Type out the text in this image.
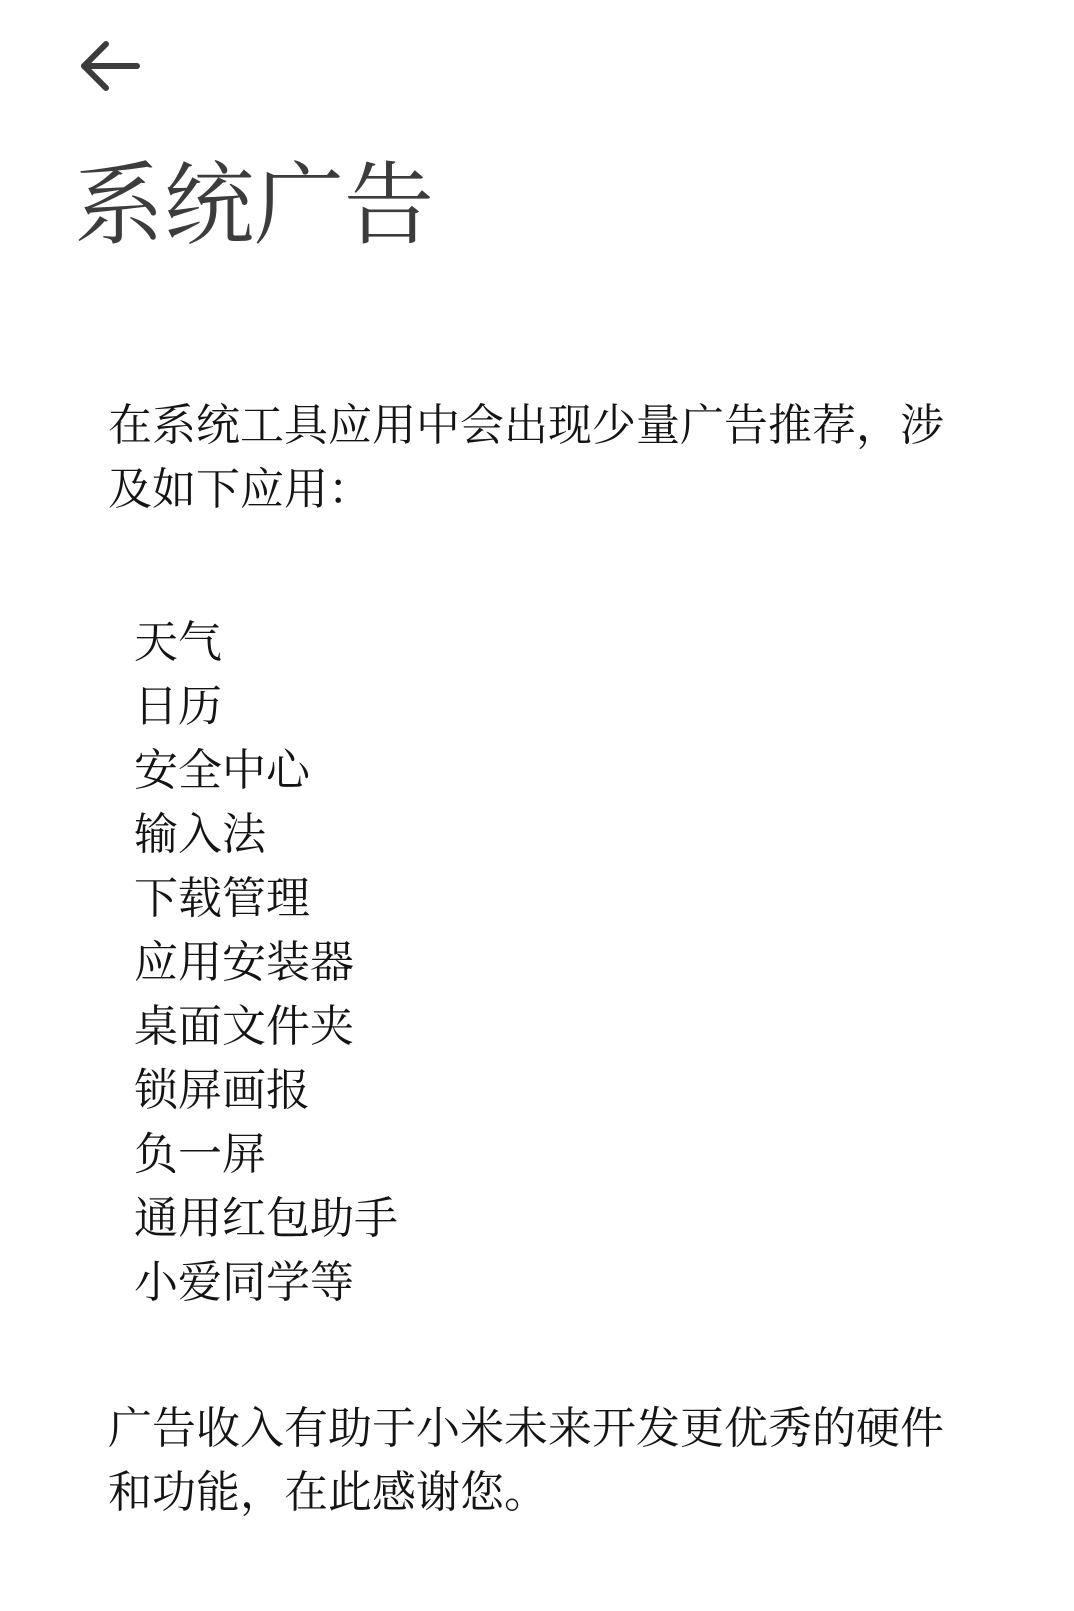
系统广告

在系统工具应用中会出现少量广告推荐，涉及如下应用：

天气
日历
安全中心
输入法
下载管理
应用安装器
桌面文件夹
锁屏画报
负一屏
通用红包助手
小爱同学等

广告收入有助于小米未来开发更优秀的硬件和功能，在此感谢您。
